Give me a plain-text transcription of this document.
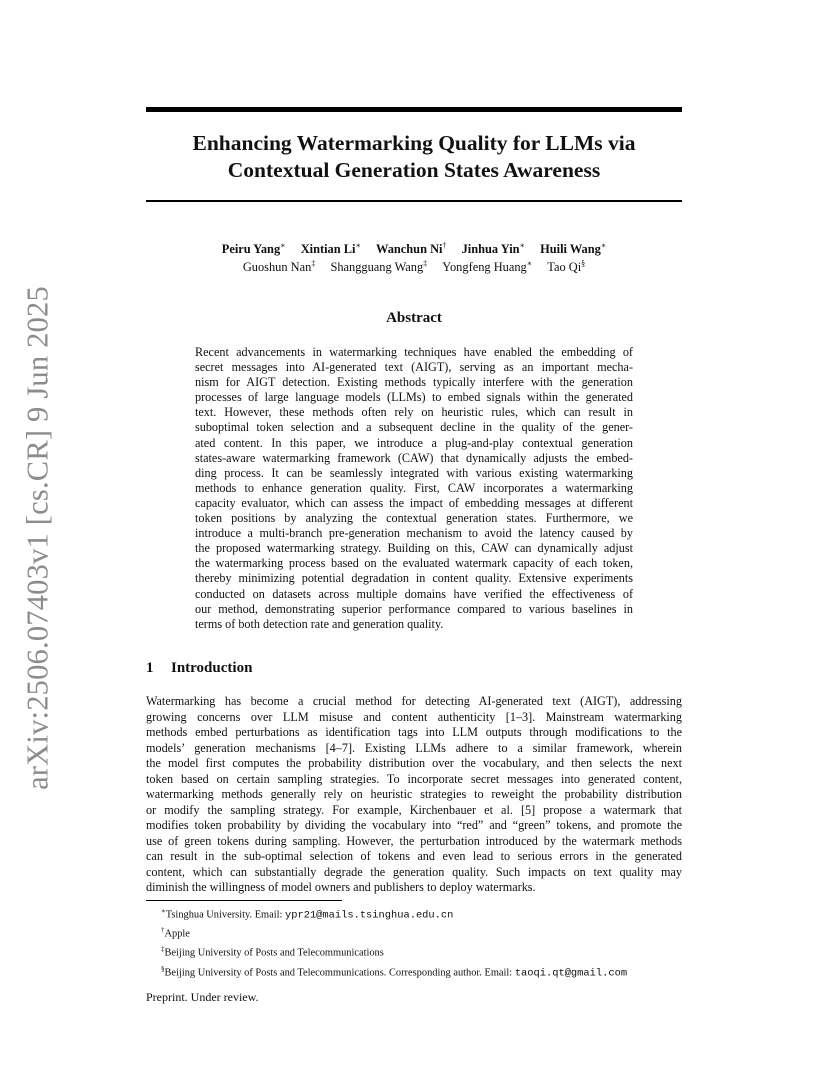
arXiv:2506.07403v1 [cs.CR] 9 Jun 2025
Enhancing Watermarking Quality for LLMs via
Contextual Generation States Awareness
Peiru Yang∗ Xintian Li∗ Wanchun Ni† Jinhua Yin∗ Huili Wang∗
Guoshun Nan‡ Shangguang Wang‡ Yongfeng Huang∗ Tao Qi§
Abstract
Recent advancements in watermarking techniques have enabled the embedding of
secret messages into AI-generated text (AIGT), serving as an important mecha-
nism for AIGT detection. Existing methods typically interfere with the generation
processes of large language models (LLMs) to embed signals within the generated
text. However, these methods often rely on heuristic rules, which can result in
suboptimal token selection and a subsequent decline in the quality of the gener-
ated content. In this paper, we introduce a plug-and-play contextual generation
states-aware watermarking framework (CAW) that dynamically adjusts the embed-
ding process. It can be seamlessly integrated with various existing watermarking
methods to enhance generation quality. First, CAW incorporates a watermarking
capacity evaluator, which can assess the impact of embedding messages at different
token positions by analyzing the contextual generation states. Furthermore, we
introduce a multi-branch pre-generation mechanism to avoid the latency caused by
the proposed watermarking strategy. Building on this, CAW can dynamically adjust
the watermarking process based on the evaluated watermark capacity of each token,
thereby minimizing potential degradation in content quality. Extensive experiments
conducted on datasets across multiple domains have verified the effectiveness of
our method, demonstrating superior performance compared to various baselines in
terms of both detection rate and generation quality.
1 Introduction
Watermarking has become a crucial method for detecting AI-generated text (AIGT), addressing
growing concerns over LLM misuse and content authenticity [1–3]. Mainstream watermarking
methods embed perturbations as identification tags into LLM outputs through modifications to the
models’ generation mechanisms [4–7]. Existing LLMs adhere to a similar framework, wherein
the model first computes the probability distribution over the vocabulary, and then selects the next
token based on certain sampling strategies. To incorporate secret messages into generated content,
watermarking methods generally rely on heuristic strategies to reweight the probability distribution
or modify the sampling strategy. For example, Kirchenbauer et al. [5] propose a watermark that
modifies token probability by dividing the vocabulary into “red” and “green” tokens, and promote the
use of green tokens during sampling. However, the perturbation introduced by the watermark methods
can result in the sub-optimal selection of tokens and even lead to serious errors in the generated
content, which can substantially degrade the generation quality. Such impacts on text quality may
diminish the willingness of model owners and publishers to deploy watermarks.
∗Tsinghua University. Email: ypr21@mails.tsinghua.edu.cn
†Apple
‡Beijing University of Posts and Telecommunications
§Beijing University of Posts and Telecommunications. Corresponding author. Email: taoqi.qt@gmail.com
Preprint. Under review.
